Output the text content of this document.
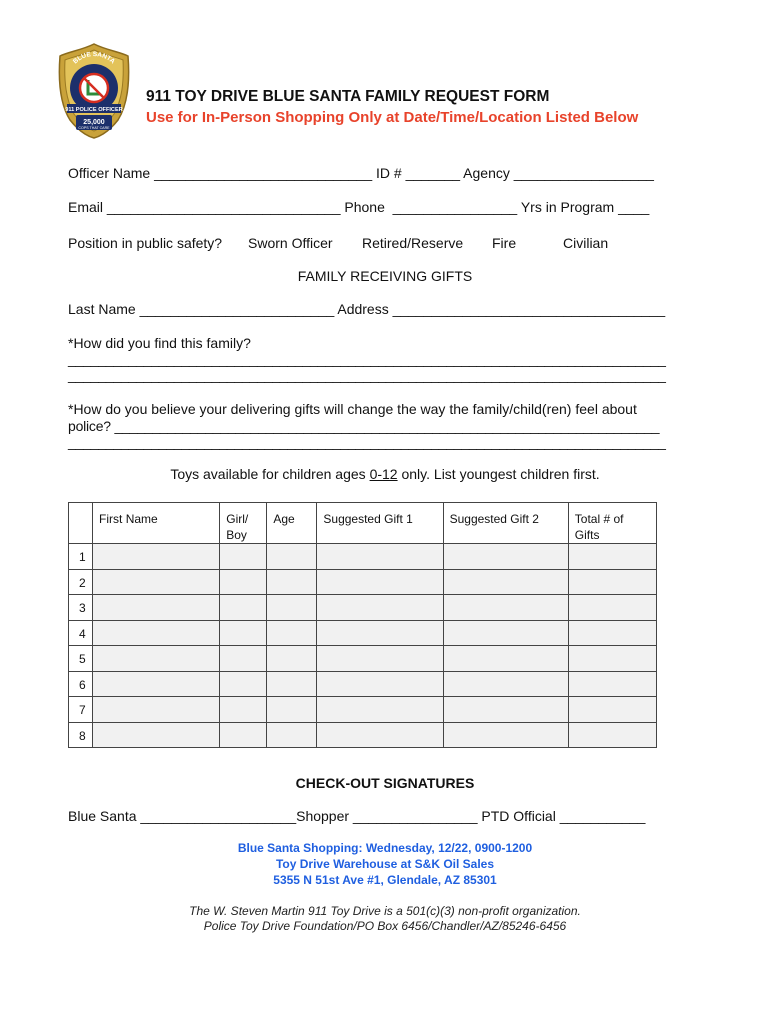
BLUE SANTA
911 POLICE OFFICER
25,000
COPS THAT CARE
911 TOY DRIVE BLUE SANTA FAMILY REQUEST FORM
Use for In-Person Shopping Only at Date/Time/Location Listed Below
Officer Name ____________________________ ID # _______ Agency __________________
Email ______________________________ Phone  ________________ Yrs in Program ____
Position in public safety? Sworn Officer Retired/Reserve Fire	Civilian
FAMILY RECEIVING GIFTS
Last Name _________________________ Address ___________________________________
*How did you find this family?
_______________________________________________________________________________
_______________________________________________________________________________
*How do you believe your delivering gifts will change the way the family/child(ren) feel about
police? ________________________________________________________________________
_______________________________________________________________________________
Toys available for children ages 0-12 only. List youngest children first.
	First Name	Girl/ Boy	Age	Suggested Gift 1	Suggested Gift 2	Total # of Gifts
1						
2						
3						
4						
5						
6						
7						
8						
CHECK-OUT SIGNATURES
Blue Santa ____________________Shopper ________________ PTD Official ___________
Blue Santa Shopping: Wednesday, 12/22, 0900-1200
Toy Drive Warehouse at S&K Oil Sales
5355 N 51st Ave #1, Glendale, AZ 85301
The W. Steven Martin 911 Toy Drive is a 501(c)(3) non-profit organization.
Police Toy Drive Foundation/PO Box 6456/Chandler/AZ/85246-6456
